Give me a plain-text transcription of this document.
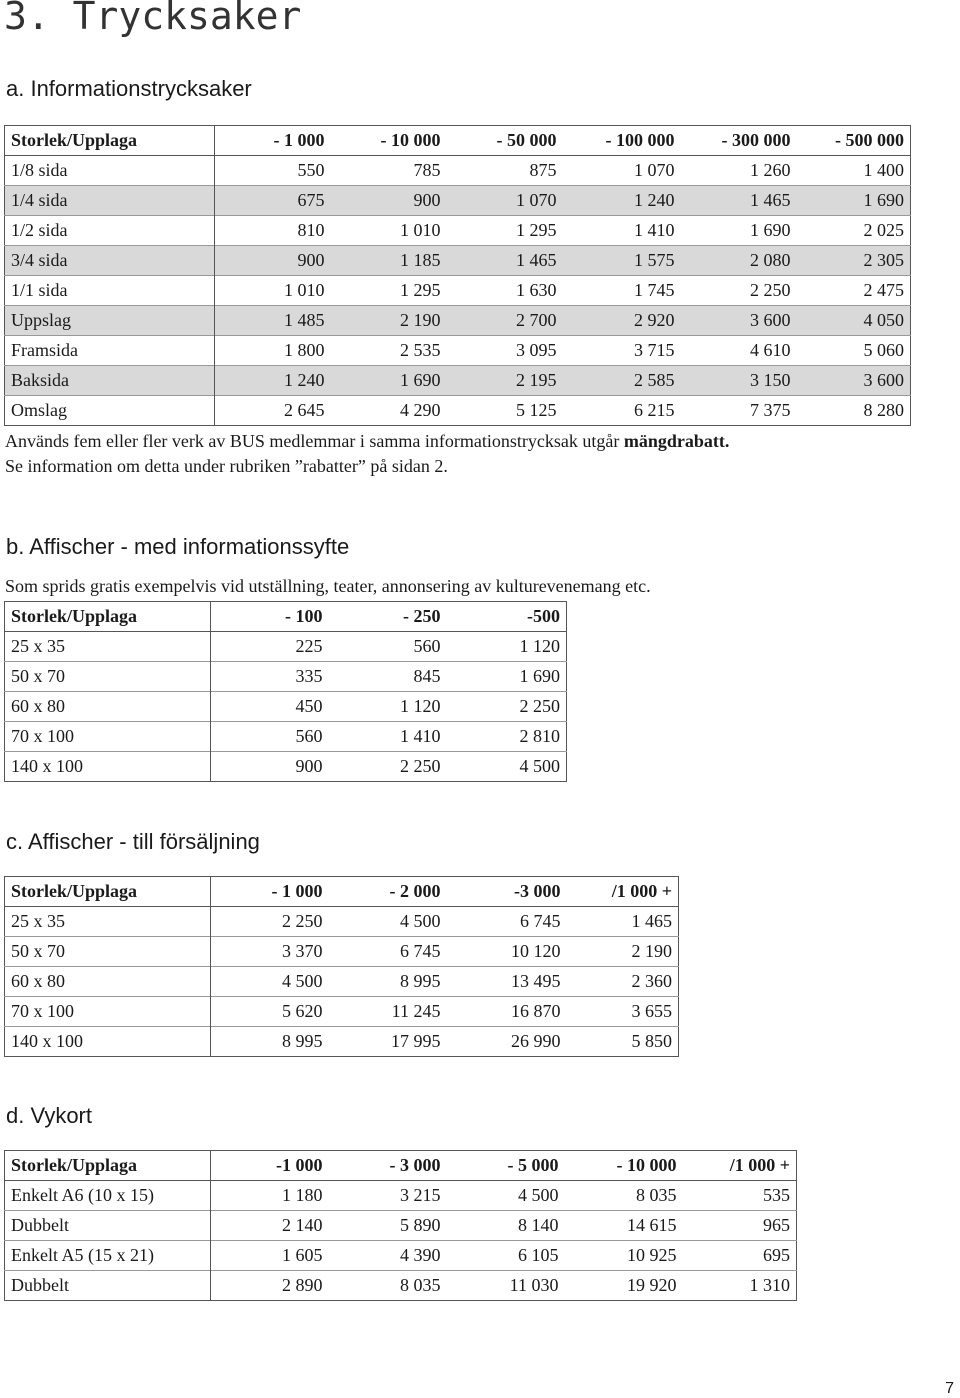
3. Trycksaker
a. Informationstrycksaker
Storlek/Upplaga	- 1 000	- 10 000	- 50 000	- 100 000	- 300 000	- 500 000
1/8 sida	550	785	875	1 070	1 260	1 400
1/4 sida	675	900	1 070	1 240	1 465	1 690
1/2 sida	810	1 010	1 295	1 410	1 690	2 025
3/4 sida	900	1 185	1 465	1 575	2 080	2 305
1/1 sida	1 010	1 295	1 630	1 745	2 250	2 475
Uppslag	1 485	2 190	2 700	2 920	3 600	4 050
Framsida	1 800	2 535	3 095	3 715	4 610	5 060
Baksida	1 240	1 690	2 195	2 585	3 150	3 600
Omslag	2 645	4 290	5 125	6 215	7 375	8 280
Används fem eller fler verk av BUS medlemmar i samma informationstrycksak utgår mängdrabatt.
Se information om detta under rubriken ”rabatter” på sidan 2.
b. Affischer - med informationssyfte
Som sprids gratis exempelvis vid utställning, teater, annonsering av kulturevenemang etc.
Storlek/Upplaga	- 100	- 250	-500
25 x 35	225	560	1 120
50 x 70	335	845	1 690
60 x 80	450	1 120	2 250
70 x 100	560	1 410	2 810
140 x 100	900	2 250	4 500
c. Affischer - till försäljning
Storlek/Upplaga	- 1 000	- 2 000	-3 000	/1 000 +
25 x 35	2 250	4 500	6 745	1 465
50 x 70	3 370	6 745	10 120	2 190
60 x 80	4 500	8 995	13 495	2 360
70 x 100	5 620	11 245	16 870	3 655
140 x 100	8 995	17 995	26 990	5 850
d. Vykort
Storlek/Upplaga	-1 000	- 3 000	- 5 000	- 10 000	/1 000 +
Enkelt A6 (10 x 15)	1 180	3 215	4 500	8 035	535
Dubbelt	2 140	5 890	8 140	14 615	965
Enkelt A5 (15 x 21)	1 605	4 390	6 105	10 925	695
Dubbelt	2 890	8 035	11 030	19 920	1 310
7
